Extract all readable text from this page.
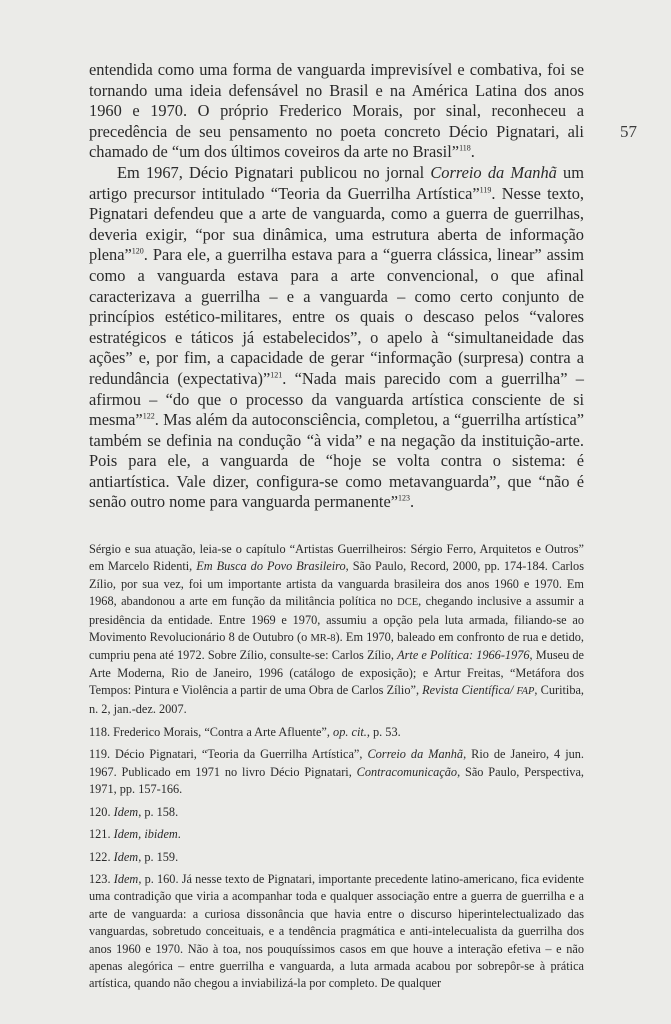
57

entendida como uma forma de vanguarda imprevisível e combativa, foi se tornando uma ideia defensável no Brasil e na América Latina dos anos 1960 e 1970. O próprio Frederico Morais, por sinal, reconheceu a precedência de seu pensamento no poeta concreto Décio Pignatari, ali chamado de “um dos últimos coveiros da arte no Brasil”$^{118}$.

Em 1967, Décio Pignatari publicou no jornal Correio da Manhã um artigo precursor intitulado “Teoria da Guerrilha Artística”$^{119}$. Nesse texto, Pignatari defendeu que a arte de vanguarda, como a guerra de guerrilhas, deveria exigir, “por sua dinâmica, uma estrutura aberta de informação plena”$^{120}$. Para ele, a guerrilha estava para a “guerra clássica, linear” assim como a vanguarda estava para a arte convencional, o que afinal caracterizava a guerrilha – e a vanguarda – como certo conjunto de princípios estético-militares, entre os quais o descaso pelos “valores estratégicos e táticos já estabelecidos”, o apelo à “simultaneidade das ações” e, por fim, a capacidade de gerar “informação (surpresa) contra a redundância (expectativa)”$^{121}$. “Nada mais parecido com a guerrilha” – afirmou – “do que o processo da vanguarda artística consciente de si mesma”$^{122}$. Mas além da autoconsciência, completou, a “guerrilha artística” também se definia na condução “à vida” e na negação da instituição-arte. Pois para ele, a vanguarda de “hoje se volta contra o sistema: é antiartística. Vale dizer, configura-se como metavanguarda”, que “não é senão outro nome para vanguarda permanente”$^{123}$.

Sérgio e sua atuação, leia-se o capítulo “Artistas Guerrilheiros: Sérgio Ferro, Arquitetos e Outros” em Marcelo Ridenti, Em Busca do Povo Brasileiro, São Paulo, Record, 2000, pp. 174-184. Carlos Zílio, por sua vez, foi um importante artista da vanguarda brasileira dos anos 1960 e 1970. Em 1968, abandonou a arte em função da militância política no DCE, chegando inclusive a assumir a presidência da entidade. Entre 1969 e 1970, assumiu a opção pela luta armada, filiando-se ao Movimento Revolucionário 8 de Outubro (o MR-8). Em 1970, baleado em confronto de rua e detido, cumpriu pena até 1972. Sobre Zílio, consulte-se: Carlos Zílio, Arte e Política: 1966-1976, Museu de Arte Moderna, Rio de Janeiro, 1996 (catálogo de exposição); e Artur Freitas, “Metáfora dos Tempos: Pintura e Violência a partir de uma Obra de Carlos Zílio”, Revista Científica/ FAP, Curitiba, n. 2, jan.-dez. 2007.

118. Frederico Morais, “Contra a Arte Afluente”, op. cit., p. 53.

119. Décio Pignatari, “Teoria da Guerrilha Artística”, Correio da Manhã, Rio de Janeiro, 4 jun. 1967. Publicado em 1971 no livro Décio Pignatari, Contracomunicação, São Paulo, Perspectiva, 1971, pp. 157-166.

120. Idem, p. 158.

121. Idem, ibidem.

122. Idem, p. 159.

123. Idem, p. 160. Já nesse texto de Pignatari, importante precedente latino-americano, fica evidente uma contradição que viria a acompanhar toda e qualquer associação entre a guerra de guerrilha e a arte de vanguarda: a curiosa dissonância que havia entre o discurso hiperintelectualizado das vanguardas, sobretudo conceituais, e a tendência pragmática e anti-intelecualista da guerrilha dos anos 1960 e 1970. Não à toa, nos pouquíssimos casos em que houve a interação efetiva – e não apenas alegórica – entre guerrilha e vanguarda, a luta armada acabou por sobrepôr-se à prática artística, quando não chegou a inviabilizá-la por completo. De qualquer
